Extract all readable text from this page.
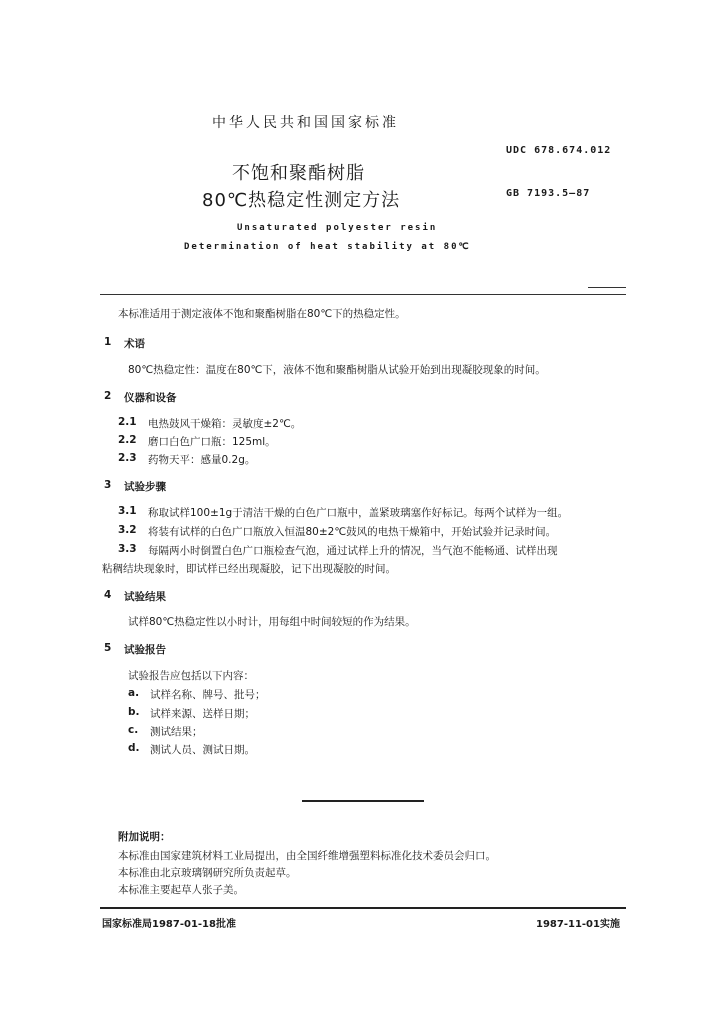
中华人民共和国国家标准
UDC 678.674.012
不饱和聚酯树脂
80℃热稳定性测定方法	GB 7193.5—87
Unsaturated polyester resin
Determination of heat stability at 80℃
本标准适用于测定液体不饱和聚酯树脂在80℃下的热稳定性。
1 术语
80℃热稳定性：温度在80℃下，液体不饱和聚酯树脂从试验开始到出现凝胶现象的时间。
2 仪器和设备
2.1 电热鼓风干燥箱：灵敏度±2℃。
2.2 磨口白色广口瓶：125ml。
2.3 药物天平：感量0.2g。
3 试验步骤
3.1 称取试样100±1g于清洁干燥的白色广口瓶中，盖紧玻璃塞作好标记。每两个试样为一组。
3.2 将装有试样的白色广口瓶放入恒温80±2℃鼓风的电热干燥箱中，开始试验并记录时间。
3.3 每隔两小时倒置白色广口瓶检查气泡，通过试样上升的情况，当气泡不能畅通、试样出现
粘稠结块现象时，即试样已经出现凝胶，记下出现凝胶的时间。
4 试验结果
试样80℃热稳定性以小时计，用每组中时间较短的作为结果。
5 试验报告
试验报告应包括以下内容：
a. 试样名称、牌号、批号；
b. 试样来源、送样日期；
c. 测试结果；
d. 测试人员、测试日期。
附加说明：
本标准由国家建筑材料工业局提出，由全国纤维增强塑料标准化技术委员会归口。
本标准由北京玻璃钢研究所负责起草。
本标准主要起草人张子美。
国家标准局1987-01-18批准	1987-11-01实施
